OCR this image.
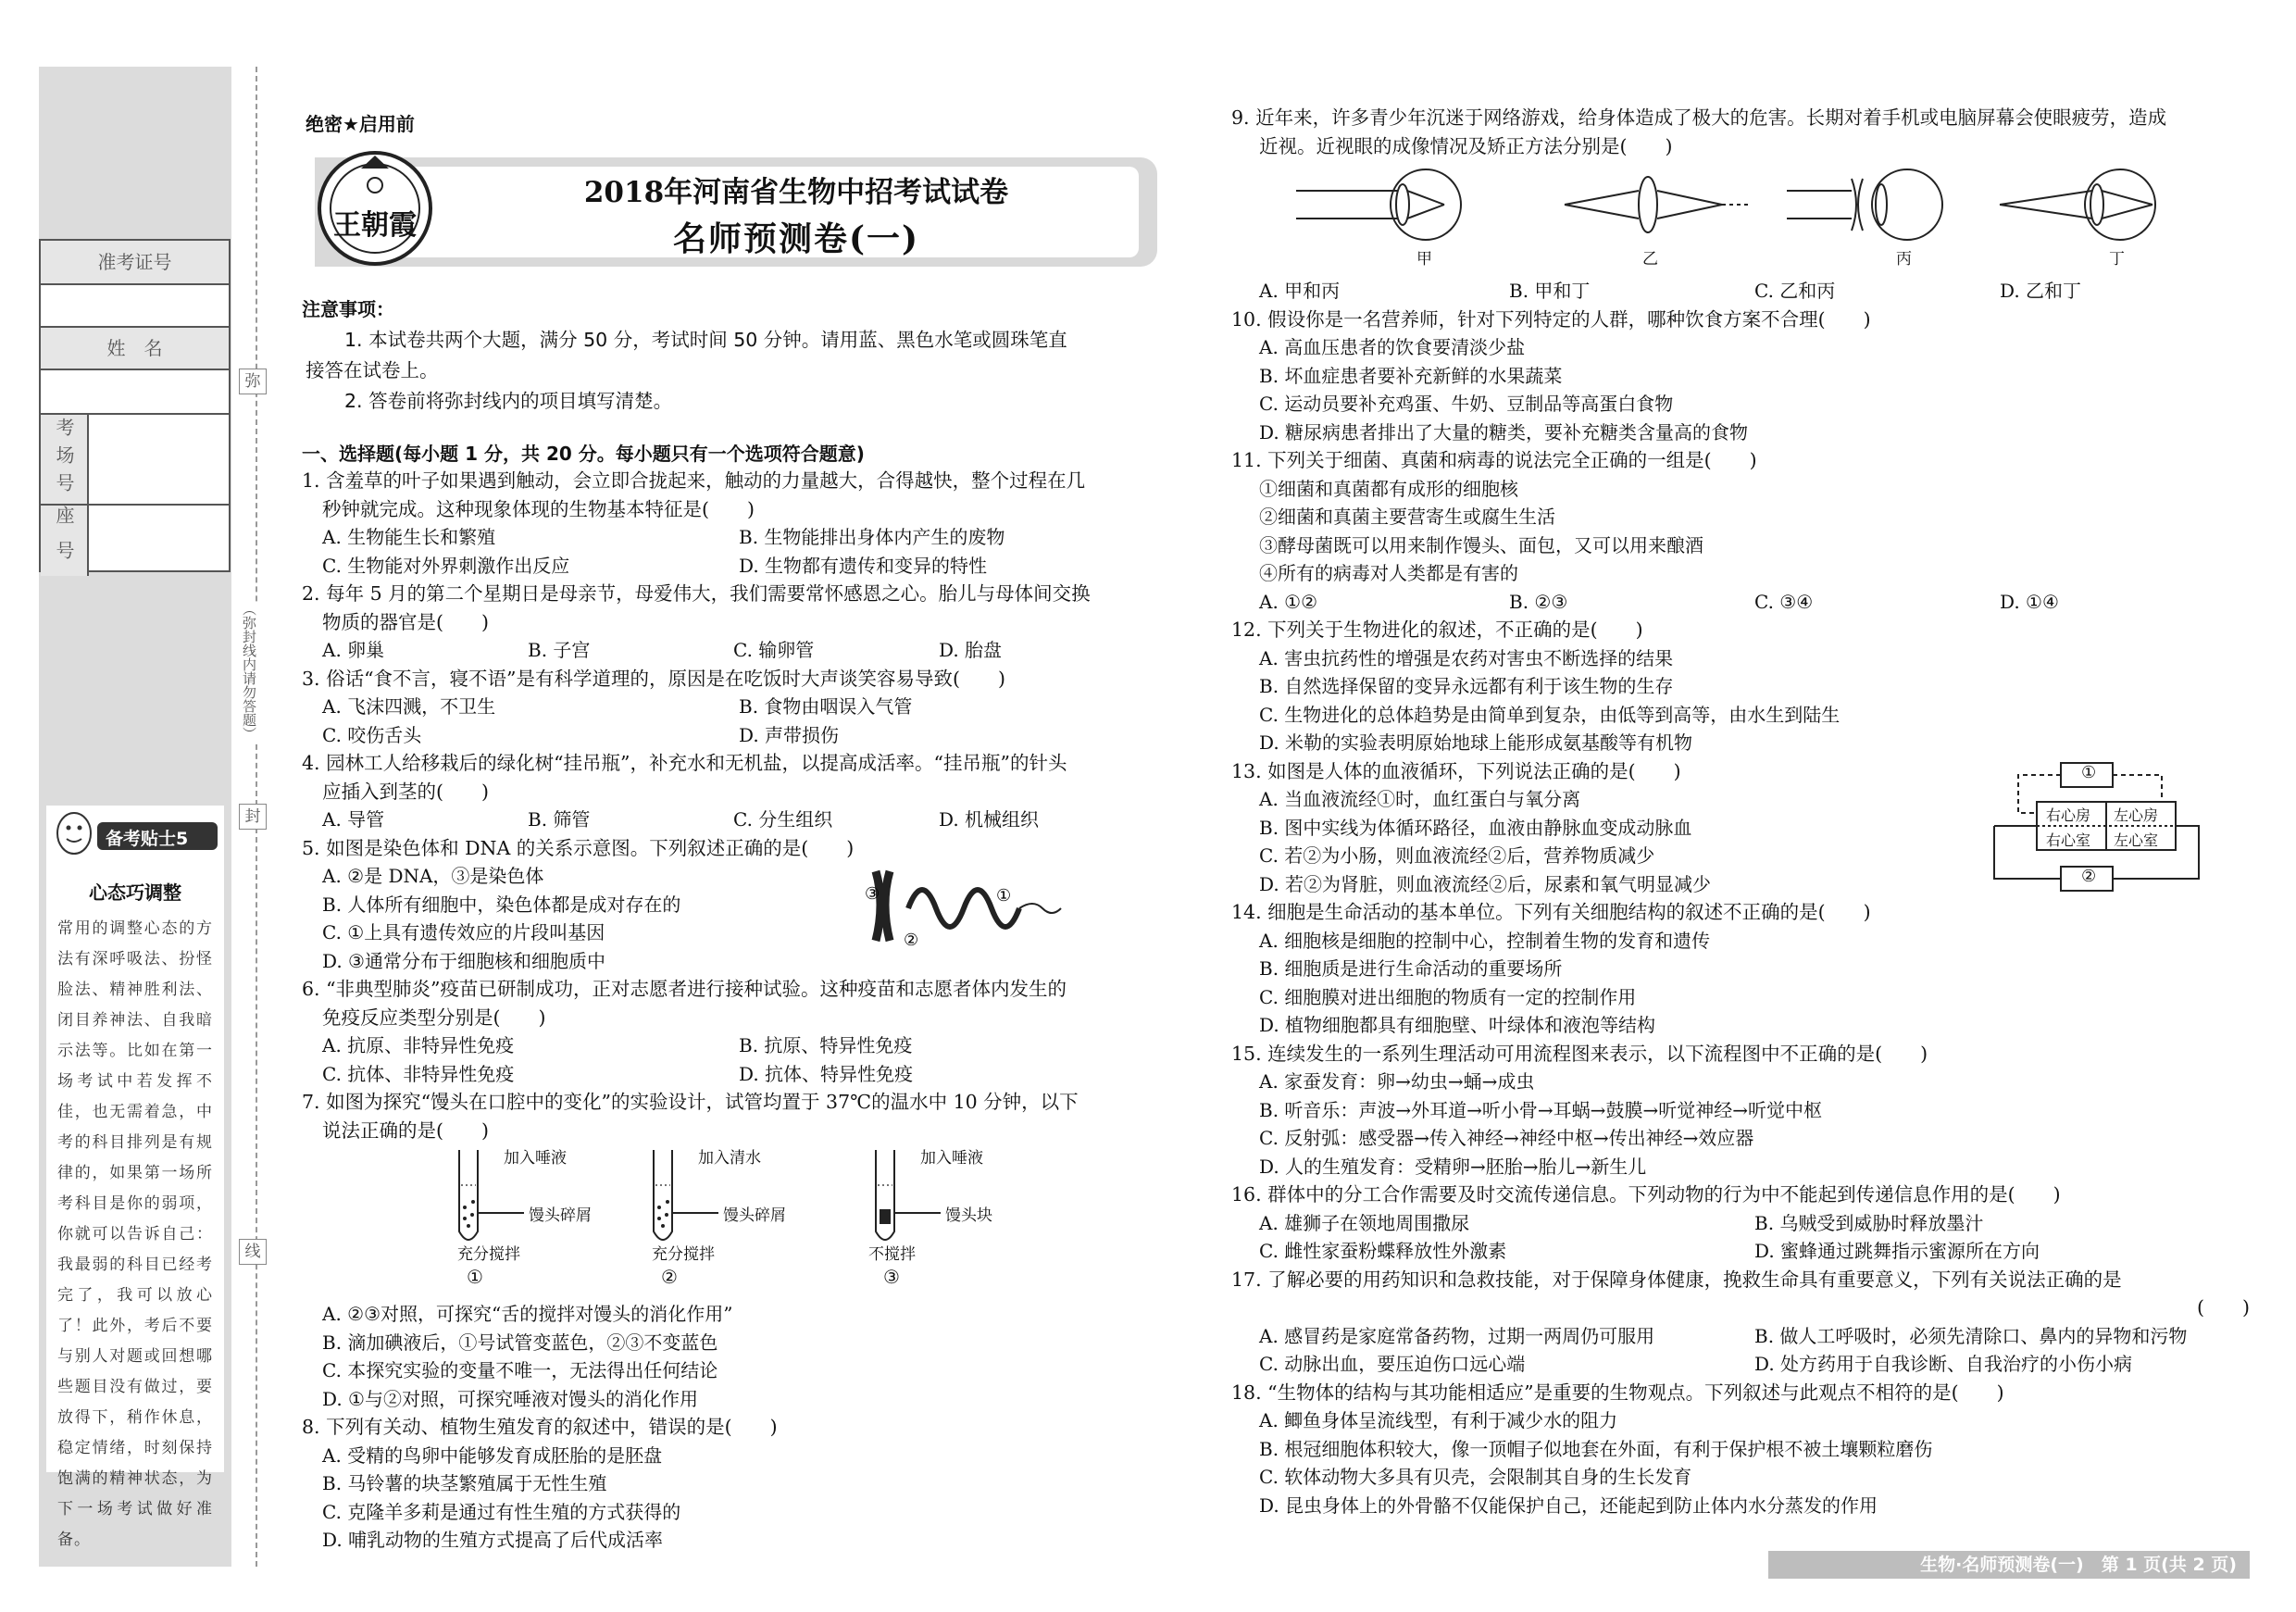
准考证号
姓　名
考场号
座号
弥
封
线
（弥封线内请勿答题）
备考贴士5
心态巧调整
常用的调整心态的方法有深呼吸法、扮怪脸法、精神胜利法、闭目养神法、自我暗示法等。比如在第一场考试中若发挥不佳，也无需着急，中考的科目排列是有规律的，如果第一场所考科目是你的弱项，你就可以告诉自己：我最弱的科目已经考完了，我可以放心了！此外，考后不要与别人对题或回想哪些题目没有做过，要放得下，稍作休息，稳定情绪，时刻保持饱满的精神状态，为下一场考试做好准备。
绝密★启用前
王朝霞
2018年河南省生物中招考试试卷
名师预测卷(一)
注意事项：
1. 本试卷共两个大题，满分 50 分，考试时间 50 分钟。请用蓝、黑色水笔或圆珠笔直
接答在试卷上。
2. 答卷前将弥封线内的项目填写清楚。
一、选择题(每小题 1 分，共 20 分。每小题只有一个选项符合题意)
1. 含羞草的叶子如果遇到触动，会立即合拢起来，触动的力量越大，合得越快，整个过程在几
秒钟就完成。这种现象体现的生物基本特征是(　　)
A. 生物能生长和繁殖	B. 生物能排出身体内产生的废物
C. 生物能对外界刺激作出反应	D. 生物都有遗传和变异的特性
2. 每年 5 月的第二个星期日是母亲节，母爱伟大，我们需要常怀感恩之心。胎儿与母体间交换
物质的器官是(　　)
A. 卵巢	B. 子宫	C. 输卵管	D. 胎盘
3. 俗话“食不言，寝不语”是有科学道理的，原因是在吃饭时大声谈笑容易导致(　　)
A. 飞沫四溅，不卫生	B. 食物由咽误入气管
C. 咬伤舌头	D. 声带损伤
4. 园林工人给移栽后的绿化树“挂吊瓶”，补充水和无机盐，以提高成活率。“挂吊瓶”的针头
应插入到茎的(　　)
A. 导管	B. 筛管	C. 分生组织	D. 机械组织
5. 如图是染色体和 DNA 的关系示意图。下列叙述正确的是(　　)
A. ②是 DNA，③是染色体
B. 人体所有细胞中，染色体都是成对存在的
C. ①上具有遗传效应的片段叫基因
D. ③通常分布于细胞核和细胞质中
③	①
②
6. “非典型肺炎”疫苗已研制成功，正对志愿者进行接种试验。这种疫苗和志愿者体内发生的
免疫反应类型分别是(　　)
A. 抗原、非特异性免疫	B. 抗原、特异性免疫
C. 抗体、非特异性免疫	D. 抗体、特异性免疫
7. 如图为探究“馒头在口腔中的变化”的实验设计，试管均置于 37℃的温水中 10 分钟，以下
说法正确的是(　　)
加入唾液
馒头碎屑
充分搅拌
①
加入清水
馒头碎屑
充分搅拌
②
加入唾液
馒头块
不搅拌
③
A. ②③对照，可探究“舌的搅拌对馒头的消化作用”
B. 滴加碘液后，①号试管变蓝色，②③不变蓝色
C. 本探究实验的变量不唯一，无法得出任何结论
D. ①与②对照，可探究唾液对馒头的消化作用
8. 下列有关动、植物生殖发育的叙述中，错误的是(　　)
A. 受精的鸟卵中能够发育成胚胎的是胚盘
B. 马铃薯的块茎繁殖属于无性生殖
C. 克隆羊多莉是通过有性生殖的方式获得的
D. 哺乳动物的生殖方式提高了后代成活率
9. 近年来，许多青少年沉迷于网络游戏，给身体造成了极大的危害。长期对着手机或电脑屏幕会使眼疲劳，造成
近视。近视眼的成像情况及矫正方法分别是(　　)
甲	乙	丙	丁
A. 甲和丙	B. 甲和丁	C. 乙和丙	D. 乙和丁
10. 假设你是一名营养师，针对下列特定的人群，哪种饮食方案不合理(　　)
A. 高血压患者的饮食要清淡少盐
B. 坏血症患者要补充新鲜的水果蔬菜
C. 运动员要补充鸡蛋、牛奶、豆制品等高蛋白食物
D. 糖尿病患者排出了大量的糖类，要补充糖类含量高的食物
11. 下列关于细菌、真菌和病毒的说法完全正确的一组是(　　)
①细菌和真菌都有成形的细胞核
②细菌和真菌主要营寄生或腐生生活
③酵母菌既可以用来制作馒头、面包，又可以用来酿酒
④所有的病毒对人类都是有害的
A. ①②	B. ②③	C. ③④	D. ①④
12. 下列关于生物进化的叙述，不正确的是(　　)
A. 害虫抗药性的增强是农药对害虫不断选择的结果
B. 自然选择保留的变异永远都有利于该生物的生存
C. 生物进化的总体趋势是由简单到复杂，由低等到高等，由水生到陆生
D. 米勒的实验表明原始地球上能形成氨基酸等有机物
13. 如图是人体的血液循环，下列说法正确的是(　　)
A. 当血液流经①时，血红蛋白与氧分离
B. 图中实线为体循环路径，血液由静脉血变成动脉血
C. 若②为小肠，则血液流经②后，营养物质减少
D. 若②为肾脏，则血液流经②后，尿素和氧气明显减少
①
②
右心房 左心房
右心室 左心室
14. 细胞是生命活动的基本单位。下列有关细胞结构的叙述不正确的是(　　)
A. 细胞核是细胞的控制中心，控制着生物的发育和遗传
B. 细胞质是进行生命活动的重要场所
C. 细胞膜对进出细胞的物质有一定的控制作用
D. 植物细胞都具有细胞壁、叶绿体和液泡等结构
15. 连续发生的一系列生理活动可用流程图来表示，以下流程图中不正确的是(　　)
A. 家蚕发育：卵→幼虫→蛹→成虫
B. 听音乐：声波→外耳道→听小骨→耳蜗→鼓膜→听觉神经→听觉中枢
C. 反射弧：感受器→传入神经→神经中枢→传出神经→效应器
D. 人的生殖发育：受精卵→胚胎→胎儿→新生儿
16. 群体中的分工合作需要及时交流传递信息。下列动物的行为中不能起到传递信息作用的是(　　)
A. 雄狮子在领地周围撒尿	B. 乌贼受到威胁时释放墨汁
C. 雌性家蚕粉蝶释放性外激素	D. 蜜蜂通过跳舞指示蜜源所在方向
17. 了解必要的用药知识和急救技能，对于保障身体健康，挽救生命具有重要意义，下列有关说法正确的是
(　　)
A. 感冒药是家庭常备药物，过期一两周仍可服用	B. 做人工呼吸时，必须先清除口、鼻内的异物和污物
C. 动脉出血，要压迫伤口远心端	D. 处方药用于自我诊断、自我治疗的小伤小病
18. “生物体的结构与其功能相适应”是重要的生物观点。下列叙述与此观点不相符的是(　　)
A. 鲫鱼身体呈流线型，有利于减少水的阻力
B. 根冠细胞体积较大，像一顶帽子似地套在外面，有利于保护根不被土壤颗粒磨伤
C. 软体动物大多具有贝壳，会限制其自身的生长发育
D. 昆虫身体上的外骨骼不仅能保护自己，还能起到防止体内水分蒸发的作用
生物·名师预测卷(一)　第 1 页(共 2 页)
